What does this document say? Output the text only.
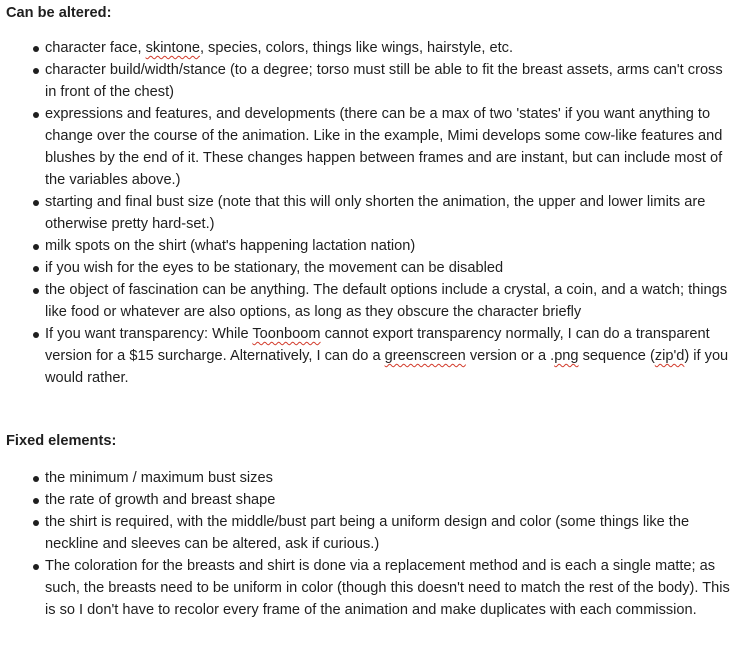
Can be altered:
character face, skintone, species, colors, things like wings, hairstyle, etc.
character build/width/stance (to a degree; torso must still be able to fit the breast assets, arms can't cross in front of the chest)
expressions and features, and developments (there can be a max of two 'states' if you want anything to change over the course of the animation. Like in the example, Mimi develops some cow-like features and blushes by the end of it. These changes happen between frames and are instant, but can include most of the variables above.)
starting and final bust size (note that this will only shorten the animation, the upper and lower limits are otherwise pretty hard-set.)
milk spots on the shirt (what's happening lactation nation)
if you wish for the eyes to be stationary, the movement can be disabled
the object of fascination can be anything. The default options include a crystal, a coin, and a watch; things like food or whatever are also options, as long as they obscure the character briefly
If you want transparency: While Toonboom cannot export transparency normally, I can do a transparent version for a $15 surcharge. Alternatively, I can do a greenscreen version or a .png sequence (zip'd) if you would rather.
Fixed elements:
the minimum / maximum bust sizes
the rate of growth and breast shape
the shirt is required, with the middle/bust part being a uniform design and color (some things like the neckline and sleeves can be altered, ask if curious.)
The coloration for the breasts and shirt is done via a replacement method and is each a single matte; as such, the breasts need to be uniform in color (though this doesn't need to match the rest of the body). This is so I don't have to recolor every frame of the animation and make duplicates with each commission.
